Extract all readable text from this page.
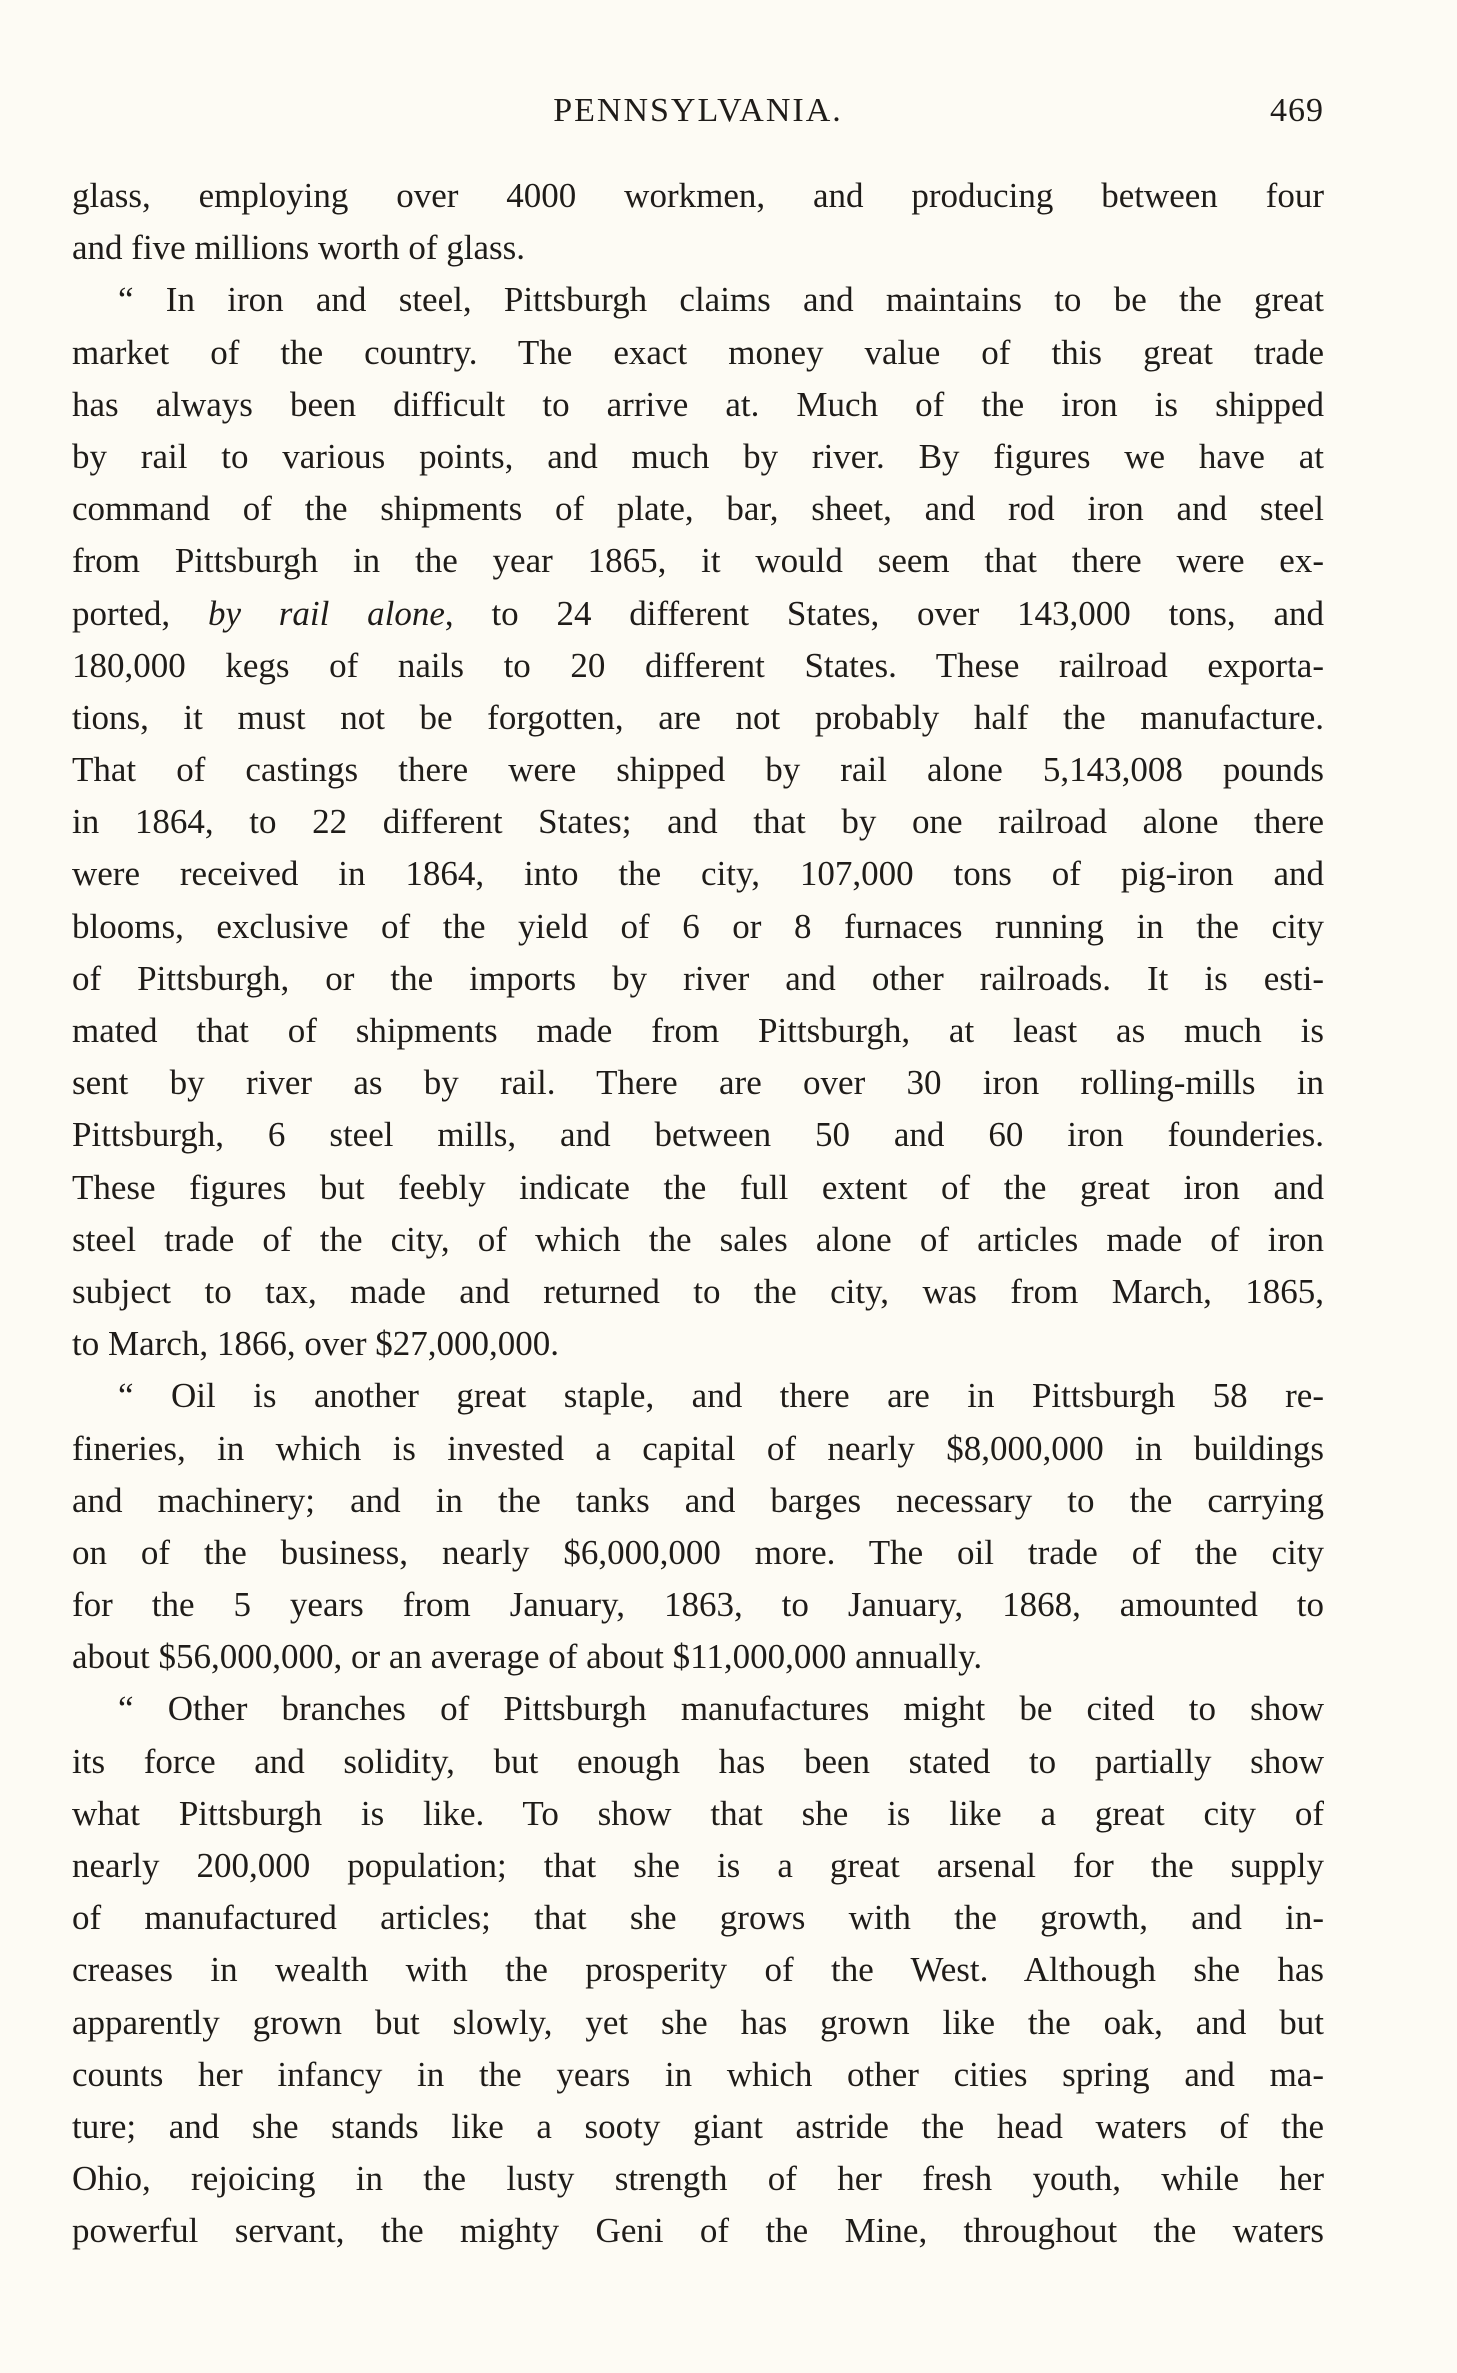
PENNSYLVANIA.	469
glass, employing over 4000 workmen, and producing between four
and five millions worth of glass.
“ In iron and steel, Pittsburgh claims and maintains to be the great
market of the country. The exact money value of this great trade
has always been difficult to arrive at. Much of the iron is shipped
by rail to various points, and much by river. By figures we have at
command of the shipments of plate, bar, sheet, and rod iron and steel
from Pittsburgh in the year 1865, it would seem that there were ex-
ported, by rail alone, to 24 different States, over 143,000 tons, and
180,000 kegs of nails to 20 different States. These railroad exporta-
tions, it must not be forgotten, are not probably half the manufacture.
That of castings there were shipped by rail alone 5,143,008 pounds
in 1864, to 22 different States; and that by one railroad alone there
were received in 1864, into the city, 107,000 tons of pig-iron and
blooms, exclusive of the yield of 6 or 8 furnaces running in the city
of Pittsburgh, or the imports by river and other railroads. It is esti-
mated that of shipments made from Pittsburgh, at least as much is
sent by river as by rail. There are over 30 iron rolling-mills in
Pittsburgh, 6 steel mills, and between 50 and 60 iron founderies.
These figures but feebly indicate the full extent of the great iron and
steel trade of the city, of which the sales alone of articles made of iron
subject to tax, made and returned to the city, was from March, 1865,
to March, 1866, over $27,000,000.
“ Oil is another great staple, and there are in Pittsburgh 58 re-
fineries, in which is invested a capital of nearly $8,000,000 in buildings
and machinery; and in the tanks and barges necessary to the carrying
on of the business, nearly $6,000,000 more. The oil trade of the city
for the 5 years from January, 1863, to January, 1868, amounted to
about $56,000,000, or an average of about $11,000,000 annually.
“ Other branches of Pittsburgh manufactures might be cited to show
its force and solidity, but enough has been stated to partially show
what Pittsburgh is like. To show that she is like a great city of
nearly 200,000 population; that she is a great arsenal for the supply
of manufactured articles; that she grows with the growth, and in-
creases in wealth with the prosperity of the West. Although she has
apparently grown but slowly, yet she has grown like the oak, and but
counts her infancy in the years in which other cities spring and ma-
ture; and she stands like a sooty giant astride the head waters of the
Ohio, rejoicing in the lusty strength of her fresh youth, while her
powerful servant, the mighty Geni of the Mine, throughout the waters
